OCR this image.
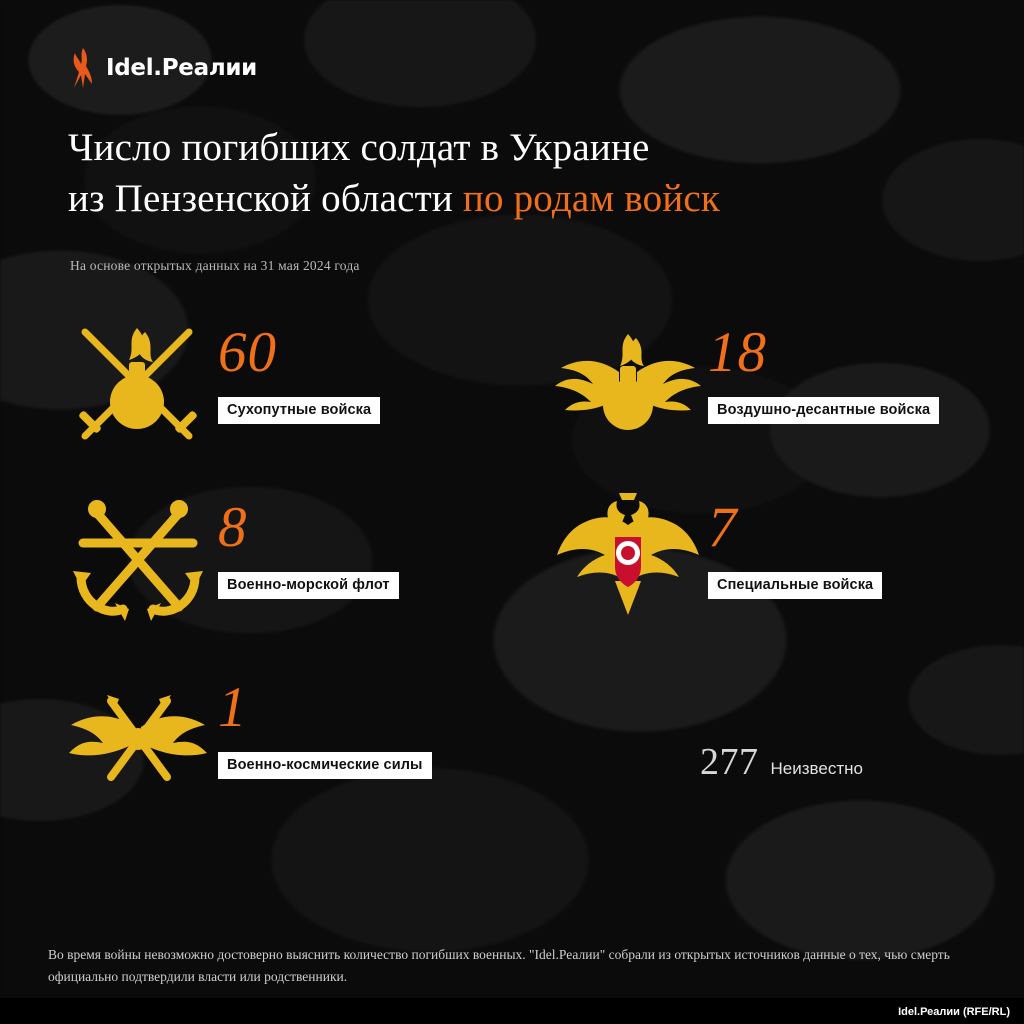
Idel.Реалии
Число погибших солдат в Украине
из Пензенской области по родам войск
На основе открытых данных на 31 мая 2024 года
60
Сухопутные войска
18
Воздушно-десантные войска
8
Военно-морской флот
7
Специальные войска
1
Военно-космические силы	277 Неизвестно
Во время войны невозможно достоверно выяснить количество погибших военных. "Idel.Реалии" собрали из открытых источников данные о тех, чью смерть официально подтвердили власти или родственники.
Idel.Реалии (RFE/RL)
